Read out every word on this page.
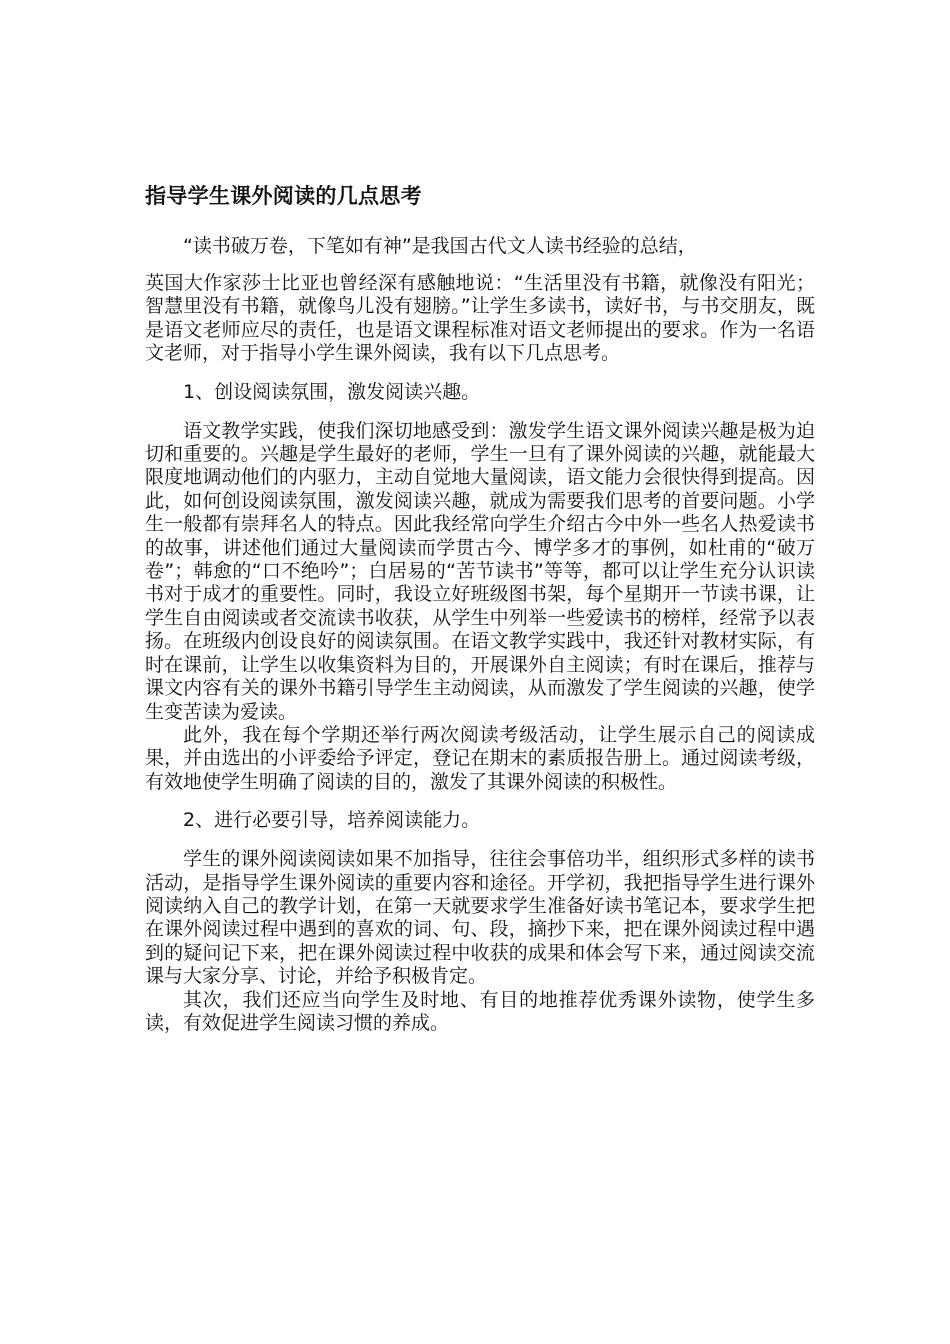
指导学生课外阅读的几点思考

“读书破万卷，下笔如有神”是我国古代文人读书经验的总结，

英国大作家莎士比亚也曾经深有感触地说：“生活里没有书籍，就像没有阳光；智慧里没有书籍，就像鸟儿没有翅膀。”让学生多读书，读好书，与书交朋友，既是语文老师应尽的责任，也是语文课程标准对语文老师提出的要求。作为一名语文老师，对于指导小学生课外阅读，我有以下几点思考。

1、创设阅读氛围，激发阅读兴趣。

语文教学实践，使我们深切地感受到：激发学生语文课外阅读兴趣是极为迫切和重要的。兴趣是学生最好的老师，学生一旦有了课外阅读的兴趣，就能最大限度地调动他们的内驱力，主动自觉地大量阅读，语文能力会很快得到提高。因此，如何创设阅读氛围，激发阅读兴趣，就成为需要我们思考的首要问题。小学生一般都有崇拜名人的特点。因此我经常向学生介绍古今中外一些名人热爱读书的故事，讲述他们通过大量阅读而学贯古今、博学多才的事例，如杜甫的“破万卷”；韩愈的“口不绝吟”；白居易的“苦节读书”等等，都可以让学生充分认识读书对于成才的重要性。同时，我设立好班级图书架，每个星期开一节读书课，让学生自由阅读或者交流读书收获，从学生中列举一些爱读书的榜样，经常予以表扬。在班级内创设良好的阅读氛围。在语文教学实践中，我还针对教材实际，有时在课前，让学生以收集资料为目的，开展课外自主阅读；有时在课后，推荐与课文内容有关的课外书籍引导学生主动阅读，从而激发了学生阅读的兴趣，使学生变苦读为爱读。

此外，我在每个学期还举行两次阅读考级活动，让学生展示自己的阅读成果，并由选出的小评委给予评定，登记在期末的素质报告册上。通过阅读考级，有效地使学生明确了阅读的目的，激发了其课外阅读的积极性。

2、进行必要引导，培养阅读能力。

学生的课外阅读阅读如果不加指导，往往会事倍功半，组织形式多样的读书活动，是指导学生课外阅读的重要内容和途径。开学初，我把指导学生进行课外阅读纳入自己的教学计划，在第一天就要求学生准备好读书笔记本，要求学生把在课外阅读过程中遇到的喜欢的词、句、段，摘抄下来，把在课外阅读过程中遇到的疑问记下来，把在课外阅读过程中收获的成果和体会写下来，通过阅读交流课与大家分享、讨论，并给予积极肯定。

其次，我们还应当向学生及时地、有目的地推荐优秀课外读物，使学生多读，有效促进学生阅读习惯的养成。
